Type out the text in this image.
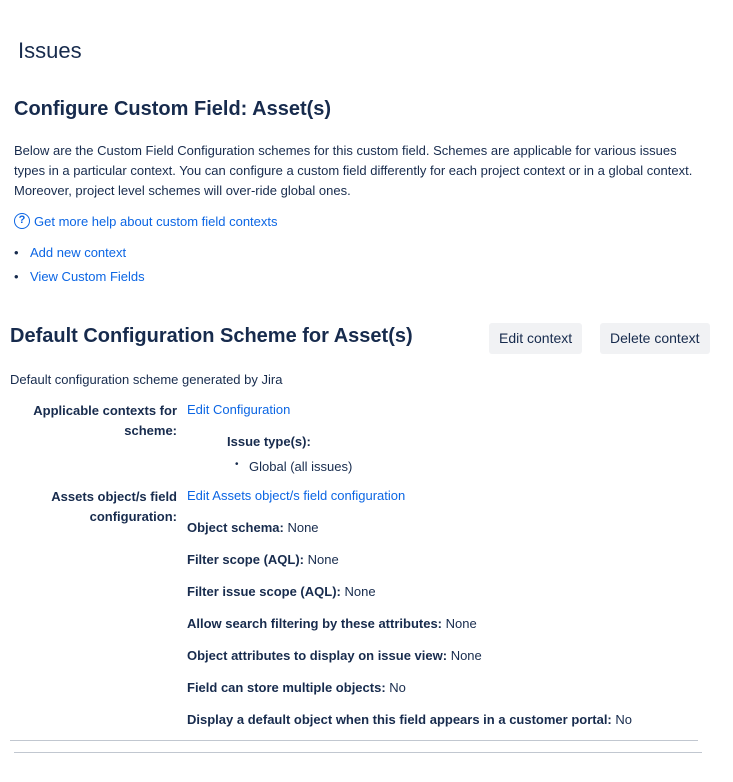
Issues
Configure Custom Field: Asset(s)
Below are the Custom Field Configuration schemes for this custom field. Schemes are applicable for various issues types in a particular context. You can configure a custom field differently for each project context or in a global context. Moreover, project level schemes will over-ride global ones.
? Get more help about custom field contexts
• Add new context
• View Custom Fields
Default Configuration Scheme for Asset(s)	Edit context	Delete context
Default configuration scheme generated by Jira
Applicable contexts for scheme:
Edit Configuration
Issue type(s):
• Global (all issues)
Assets object/s field configuration:
Edit Assets object/s field configuration
Object schema: None
Filter scope (AQL): None
Filter issue scope (AQL): None
Allow search filtering by these attributes: None
Object attributes to display on issue view: None
Field can store multiple objects: No
Display a default object when this field appears in a customer portal: No
